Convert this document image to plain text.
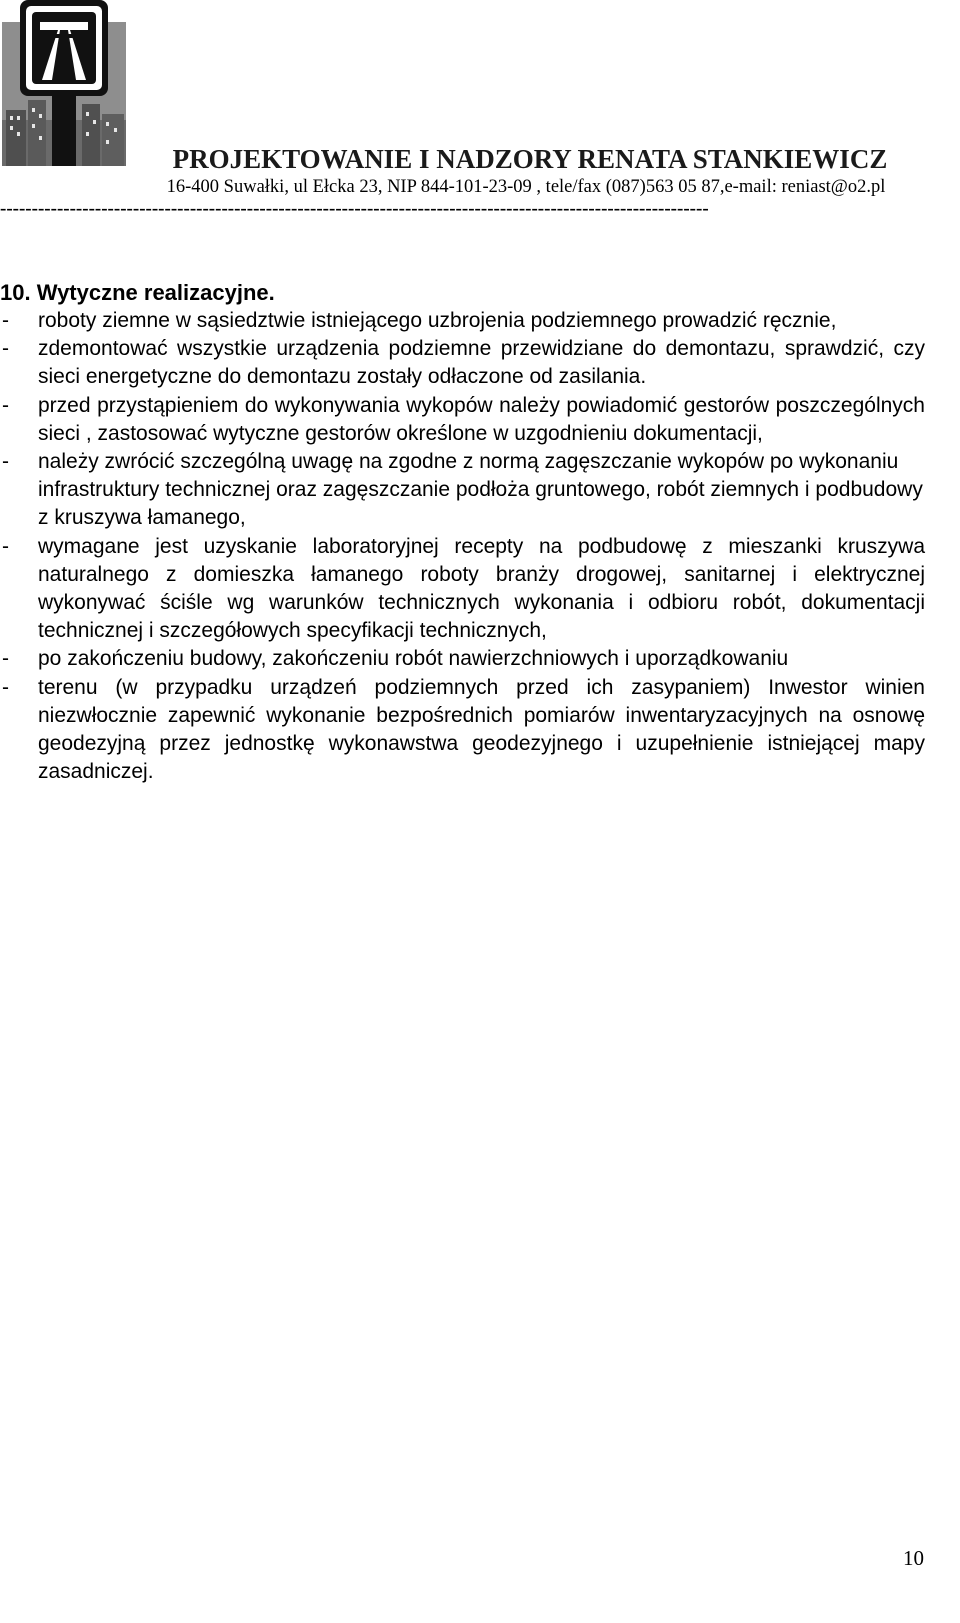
PROJEKTOWANIE I NADZORY RENATA STANKIEWICZ
16-400 Suwałki, ul Ełcka 23, NIP 844-101-23-09 , tele/fax (087)563 05 87,e-mail: reniast@o2.pl
----------------------------------------------------------------------------------------------------------------
10. Wytyczne realizacyjne.
-	roboty ziemne w sąsiedztwie istniejącego uzbrojenia podziemnego prowadzić ręcznie,
-	zdemontować wszystkie urządzenia podziemne przewidziane do demontazu, sprawdzić, czy sieci energetyczne do demontazu zostały odłaczone od zasilania.
-	przed przystąpieniem do wykonywania wykopów należy powiadomić gestorów poszczególnych sieci , zastosować wytyczne gestorów określone w uzgodnieniu dokumentacji,
-	należy zwrócić szczególną uwagę na zgodne z normą zagęszczanie wykopów po wykonaniu infrastruktury technicznej oraz zagęszczanie podłoża gruntowego, robót ziemnych i podbudowy z kruszywa łamanego,
-	wymagane jest uzyskanie laboratoryjnej recepty na podbudowę z mieszanki kruszywa naturalnego z domieszka łamanego roboty branży drogowej, sanitarnej i elektrycznej wykonywać ściśle wg warunków technicznych wykonania i odbioru robót, dokumentacji technicznej i szczegółowych specyfikacji technicznych,
-	po zakończeniu budowy, zakończeniu robót nawierzchniowych i uporządkowaniu
-	terenu (w przypadku urządzeń podziemnych przed ich zasypaniem) Inwestor winien niezwłocznie zapewnić wykonanie bezpośrednich pomiarów inwentaryzacyjnych na osnowę geodezyjną przez jednostkę wykonawstwa geodezyjnego i uzupełnienie istniejącej mapy zasadniczej.
10
